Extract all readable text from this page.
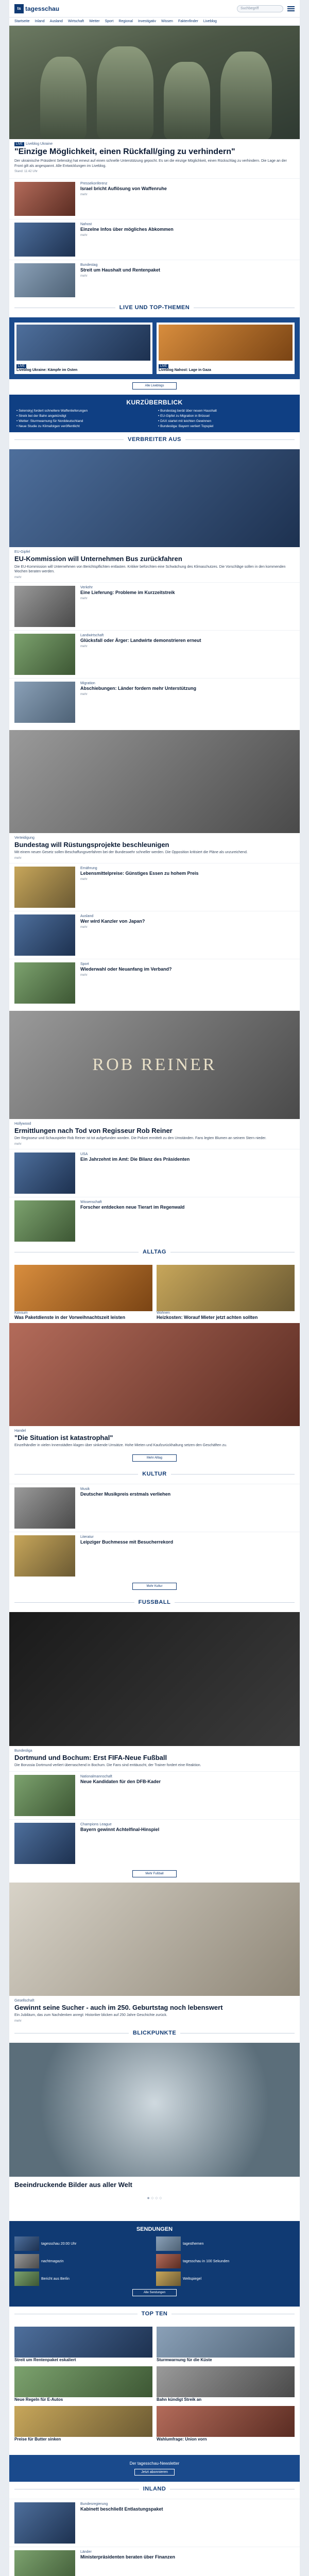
ts tagesschau	Suchbegriff
Startseite Inland Ausland Wirtschaft Wetter Sport Regional Investigativ Wissen Faktenfinder Liveblog
LIVE Liveblog Ukraine
"Einzige Möglichkeit, einen Rückfall/ging zu verhindern"
Der ukrainische Präsident Selenskyj hat erneut auf einen schnelle Unterstützung gepocht. Es sei die einzige Möglichkeit, einen Rückschlag zu verhindern. Die Lage an der Front gilt als angespannt. Alle Entwicklungen im Liveblog.
Stand: 11:42 Uhr
Pressekonferenz
Israel bricht Auflösung von Waffenruhe
mehr
Nahost
Einzelne Infos über mögliches Abkommen
mehr
Bundestag
Streit um Haushalt und Rentenpaket
mehr
LIVE UND TOP-THEMEN
LIVE
Liveblog Ukraine: Kämpfe im Osten
LIVE
Liveblog Nahost: Lage in Gaza
Alle Liveblogs
KURZÜBERBLICK
• Selenskyj fordert schnellere Waffenlieferungen	• Bundestag berät über neuen Haushalt
• Streik bei der Bahn angekündigt	• EU-Gipfel zu Migration in Brüssel
• Wetter: Sturmwarnung für Norddeutschland	• DAX startet mit leichten Gewinnen
• Neue Studie zu Klimafolgen veröffentlicht	• Bundesliga: Bayern verliert Topspiel
VERBREITER AUS
EU-Gipfel
EU-Kommission will Unternehmen Bus zurückfahren
Die EU-Kommission will Unternehmen von Berichtspflichten entlasten. Kritiker befürchten eine Schwächung des Klimaschutzes. Die Vorschläge sollen in den kommenden Wochen beraten werden.
mehr
Verkehr
Eine Lieferung: Probleme im Kurzzeitstreik
mehr
Landwirtschaft
Glücksfall oder Ärger: Landwirte demonstrieren erneut
mehr
Migration
Abschiebungen: Länder fordern mehr Unterstützung
mehr
Verteidigung
Bundestag will Rüstungsprojekte beschleunigen
Mit einem neuen Gesetz sollen Beschaffungsverfahren bei der Bundeswehr schneller werden. Die Opposition kritisiert die Pläne als unzureichend.
mehr
Ernährung
Lebensmittelpreise: Günstiges Essen zu hohem Preis
mehr
Ausland
Wer wird Kanzler von Japan?
mehr
Sport
Wiederwahl oder Neuanfang im Verband?
mehr
ROB REINER
Hollywood
Ermittlungen nach Tod von Regisseur Rob Reiner
Der Regisseur und Schauspieler Rob Reiner ist tot aufgefunden worden. Die Polizei ermittelt zu den Umständen. Fans legten Blumen an seinem Stern nieder.
mehr
USA
Ein Jahrzehnt im Amt: Die Bilanz des Präsidenten
Wissenschaft
Forscher entdecken neue Tierart im Regenwald
ALLTAG
Konsum
Was Paketdienste in der Vorweihnachtszeit leisten
Wohnen
Heizkosten: Worauf Mieter jetzt achten sollten
Handel
"Die Situation ist katastrophal"
Einzelhändler in vielen Innenstädten klagen über sinkende Umsätze. Hohe Mieten und Kaufzurückhaltung setzen den Geschäften zu.
Mehr Alltag
KULTUR
Musik
Deutscher Musikpreis erstmals verliehen
Literatur
Leipziger Buchmesse mit Besucherrekord
Mehr Kultur
FUSSBALL
Bundesliga
Dortmund und Bochum: Erst FIFA-Neue Fußball
Die Borussia Dortmund verliert überraschend in Bochum. Die Fans sind enttäuscht, der Trainer fordert eine Reaktion.
Nationalmannschaft
Neue Kandidaten für den DFB-Kader
Champions League
Bayern gewinnt Achtelfinal-Hinspiel
Mehr Fußball
Gesellschaft
Gewinnt seine Sucher - auch im 250. Geburtstag noch lebenswert
Ein Jubiläum, das zum Nachdenken anregt: Historiker blicken auf 250 Jahre Geschichte zurück.
mehr
BLICKPUNKTE
Beeindruckende Bilder aus aller Welt
● ○ ○ ○
SENDUNGEN
tagesschau 20:00 Uhr	tagesthemen
nachtmagazin	tagesschau in 100 Sekunden
Bericht aus Berlin	Weltspiegel
Alle Sendungen
TOP TEN
Streit um Rentenpaket eskaliert	Sturmwarnung für die Küste
Neue Regeln für E-Autos	Bahn kündigt Streik an
Preise für Butter sinken	Wahlumfrage: Union vorn
Der tagesschau-Newsletter
Jetzt abonnieren
INLAND
Bundesregierung
Kabinett beschließt Entlastungspaket
Länder
Ministerpräsidenten beraten über Finanzen
